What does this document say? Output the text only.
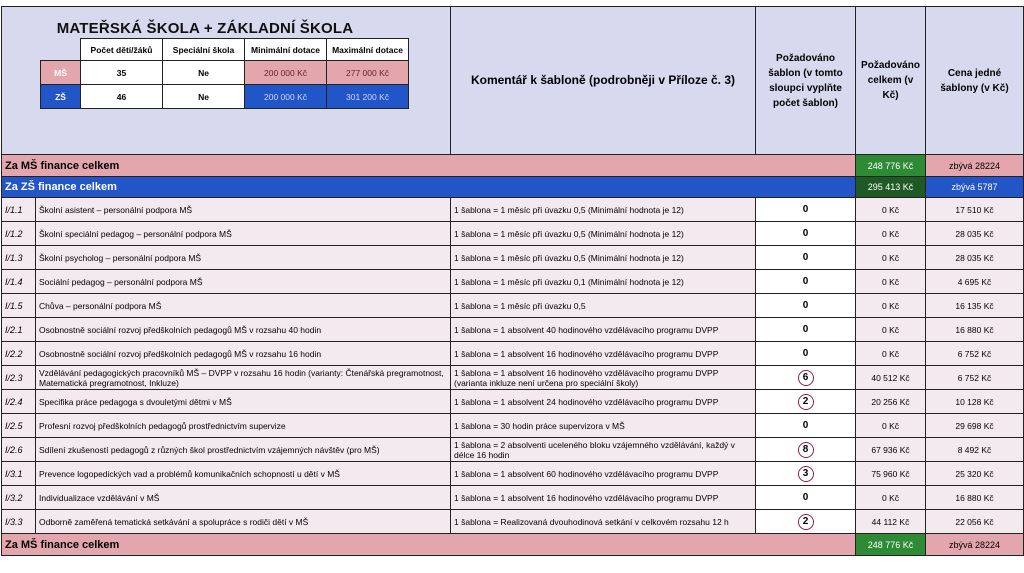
		Komentář k šabloně (podrobněji v Příloze č. 3)	Požadováno šablon (v tomto sloupci vyplňte počet šablon)	Požadováno celkem (v Kč)	Cena jedné šablony (v Kč)
Za MŠ finance celkem				248 776 Kč	zbývá 28224
Za ZŠ finance celkem				295 413 Kč	zbývá 5787
I/1.1	Školní asistent – personální podpora MŠ	1 šablona = 1 měsíc při úvazku 0,5 (Minimální hodnota je 12)	0	0 Kč	17 510 Kč
I/1.2	Školní speciální pedagog – personální podpora MŠ	1 šablona = 1 měsíc při úvazku 0,5 (Minimální hodnota je 12)	0	0 Kč	28 035 Kč
I/1.3	Školní psycholog – personální podpora MŠ	1 šablona = 1 měsíc při úvazku 0,5 (Minimální hodnota je 12)	0	0 Kč	28 035 Kč
I/1.4	Sociální pedagog – personální podpora MŠ	1 šablona = 1 měsíc při úvazku 0,1 (Minimální hodnota je 12)	0	0 Kč	4 695 Kč
I/1.5	Chůva – personální podpora MŠ	1 šablona = 1 měsíc při úvazku 0,5	0	0 Kč	16 135 Kč
I/2.1	Osobnostně sociální rozvoj předškolních pedagogů MŠ v rozsahu 40 hodin	1 šablona = 1 absolvent 40 hodinového vzdělávacího programu DVPP	0	0 Kč	16 880 Kč
I/2.2	Osobnostně sociální rozvoj předškolních pedagogů MŠ v rozsahu 16 hodin	1 šablona = 1 absolvent 16 hodinového vzdělávacího programu DVPP	0	0 Kč	6 752 Kč
I/2.3	Vzdělávání pedagogických pracovníků MŠ – DVPP v rozsahu 16 hodin (varianty: Čtenářská pregramotnost, Matematická pregramotnost, Inkluze)	1 šablona = 1 absolvent 16 hodinového vzdělávacího programu DVPP (varianta inkluze není určena pro speciální školy)	6	40 512 Kč	6 752 Kč
I/2.4	Specifika práce pedagoga s dvouletými dětmi v MŠ	1 šablona = 1 absolvent 24 hodinového vzdělávacího programu DVPP	2	20 256 Kč	10 128 Kč
I/2.5	Profesní rozvoj předškolních pedagogů prostřednictvím supervize	1 šablona = 30 hodin práce supervizora v MŠ	0	0 Kč	29 698 Kč
I/2.6	Sdílení zkušeností pedagogů z různých škol prostřednictvím vzájemných návštěv (pro MŠ)	1 šablona = 2 absolventi uceleného bloku vzájemného vzdělávání, každý v délce 16 hodin	8	67 936 Kč	8 492 Kč
I/3.1	Prevence logopedických vad a problémů komunikačních schopností u dětí v MŠ	1 šablona = 1 absolvent 60 hodinového vzdělávacího programu DVPP	3	75 960 Kč	25 320 Kč
I/3.2	Individualizace vzdělávání v MŠ	1 šablona = 1 absolvent 16 hodinového vzdělávacího programu DVPP	0	0 Kč	16 880 Kč
I/3.3	Odborně zaměřená tematická setkávání a spolupráce s rodiči dětí v MŠ	1 šablona = Realizovaná dvouhodinová setkání v celkovém rozsahu 12 h	2	44 112 Kč	22 056 Kč
Za MŠ finance celkem				248 776 Kč	zbývá 28224
MATEŘSKÁ ŠKOLA + ZÁKLADNÍ ŠKOLA
	Počet dětí/žáků	Speciální škola	Minimální dotace	Maximální dotace
MŠ	35	Ne	200 000 Kč	277 000 Kč
ZŠ	46	Ne	200 000 Kč	301 200 Kč
